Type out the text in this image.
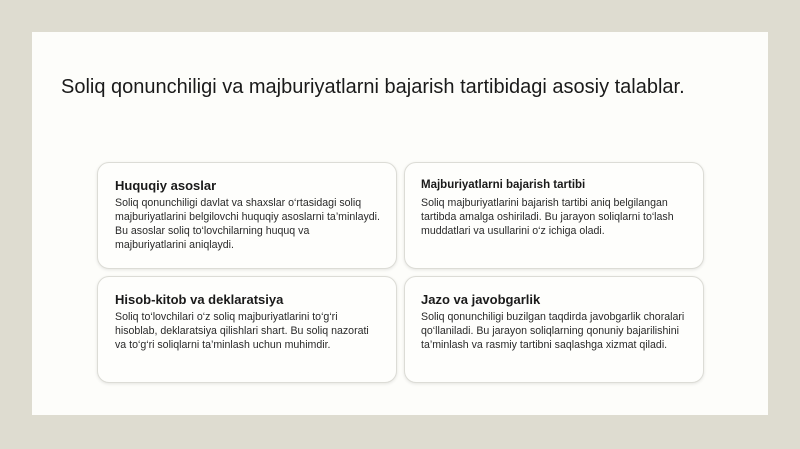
Soliq qonunchiligi va majburiyatlarni bajarish tartibidagi asosiy talablar.

Huquqiy asoslar

Soliq qonunchiligi davlat va shaxslar o‘rtasidagi soliq majburiyatlarini belgilovchi huquqiy asoslarni ta’minlaydi. Bu asoslar soliq to‘lovchilarning huquq va majburiyatlarini aniqlaydi.

Majburiyatlarni bajarish tartibi

Soliq majburiyatlarini bajarish tartibi aniq belgilangan tartibda amalga oshiriladi. Bu jarayon soliqlarni to‘lash muddatlari va usullarini o‘z ichiga oladi.

Hisob-kitob va deklaratsiya

Soliq to‘lovchilari o‘z soliq majburiyatlarini to‘g‘ri hisoblab, deklaratsiya qilishlari shart. Bu soliq nazorati va to‘g‘ri soliqlarni ta’minlash uchun muhimdir.

Jazo va javobgarlik

Soliq qonunchiligi buzilgan taqdirda javobgarlik choralari qo‘llaniladi. Bu jarayon soliqlarning qonuniy bajarilishini ta’minlash va rasmiy tartibni saqlashga xizmat qiladi.
